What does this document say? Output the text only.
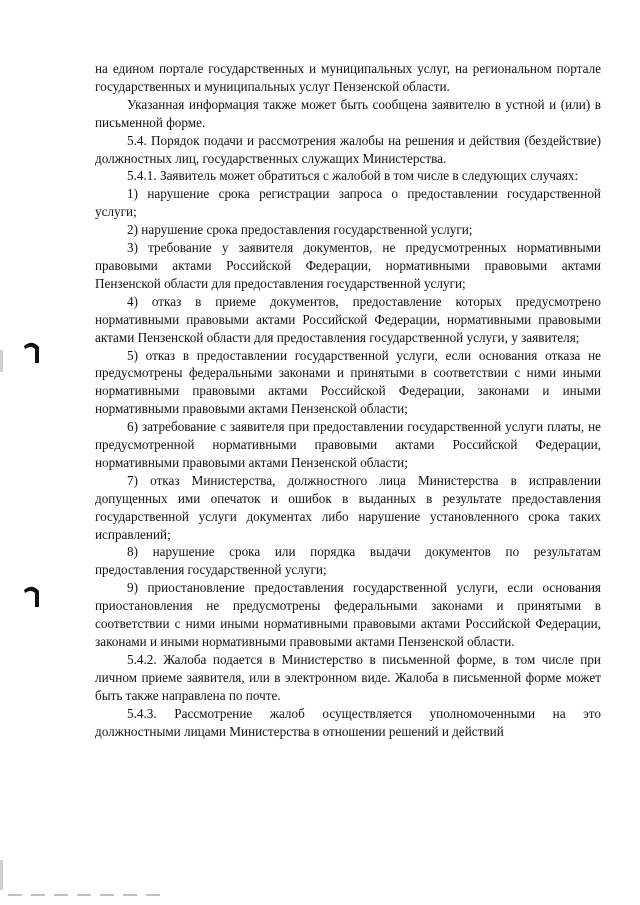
на едином портале государственных и муниципальных услуг, на региональном портале государственных и муниципальных услуг Пензенской области.

Указанная информация также может быть сообщена заявителю в устной и (или) в письменной форме.

5.4. Порядок подачи и рассмотрения жалобы на решения и действия (бездействие) должностных лиц, государственных служащих Министерства.

5.4.1. Заявитель может обратиться с жалобой в том числе в следующих случаях:

1) нарушение срока регистрации запроса о предоставлении государственной услуги;

2) нарушение срока предоставления государственной услуги;

3) требование у заявителя документов, не предусмотренных нормативными правовыми актами Российской Федерации, нормативными правовыми актами Пензенской области для предоставления государственной услуги;

4) отказ в приеме документов, предоставление которых предусмотрено нормативными правовыми актами Российской Федерации, нормативными правовыми актами Пензенской области для предоставления государственной услуги, у заявителя;

5) отказ в предоставлении государственной услуги, если основания отказа не предусмотрены федеральными законами и принятыми в соответствии с ними иными нормативными правовыми актами Российской Федерации, законами и иными нормативными правовыми актами Пензенской области;

6) затребование с заявителя при предоставлении государственной услуги платы, не предусмотренной нормативными правовыми актами Российской Федерации, нормативными правовыми актами Пензенской области;

7) отказ Министерства, должностного лица Министерства в исправлении допущенных ими опечаток и ошибок в выданных в результате предоставления государственной услуги документах либо нарушение установленного срока таких исправлений;

8) нарушение срока или порядка выдачи документов по результатам предоставления государственной услуги;

9) приостановление предоставления государственной услуги, если основания приостановления не предусмотрены федеральными законами и принятыми в соответствии с ними иными нормативными правовыми актами Российской Федерации, законами и иными нормативными правовыми актами Пензенской области.

5.4.2. Жалоба подается в Министерство в письменной форме, в том числе при личном приеме заявителя, или в электронном виде. Жалоба в письменной форме может быть также направлена по почте.

5.4.3. Рассмотрение жалоб осуществляется уполномоченными на это должностными лицами Министерства в отношении решений и действий
